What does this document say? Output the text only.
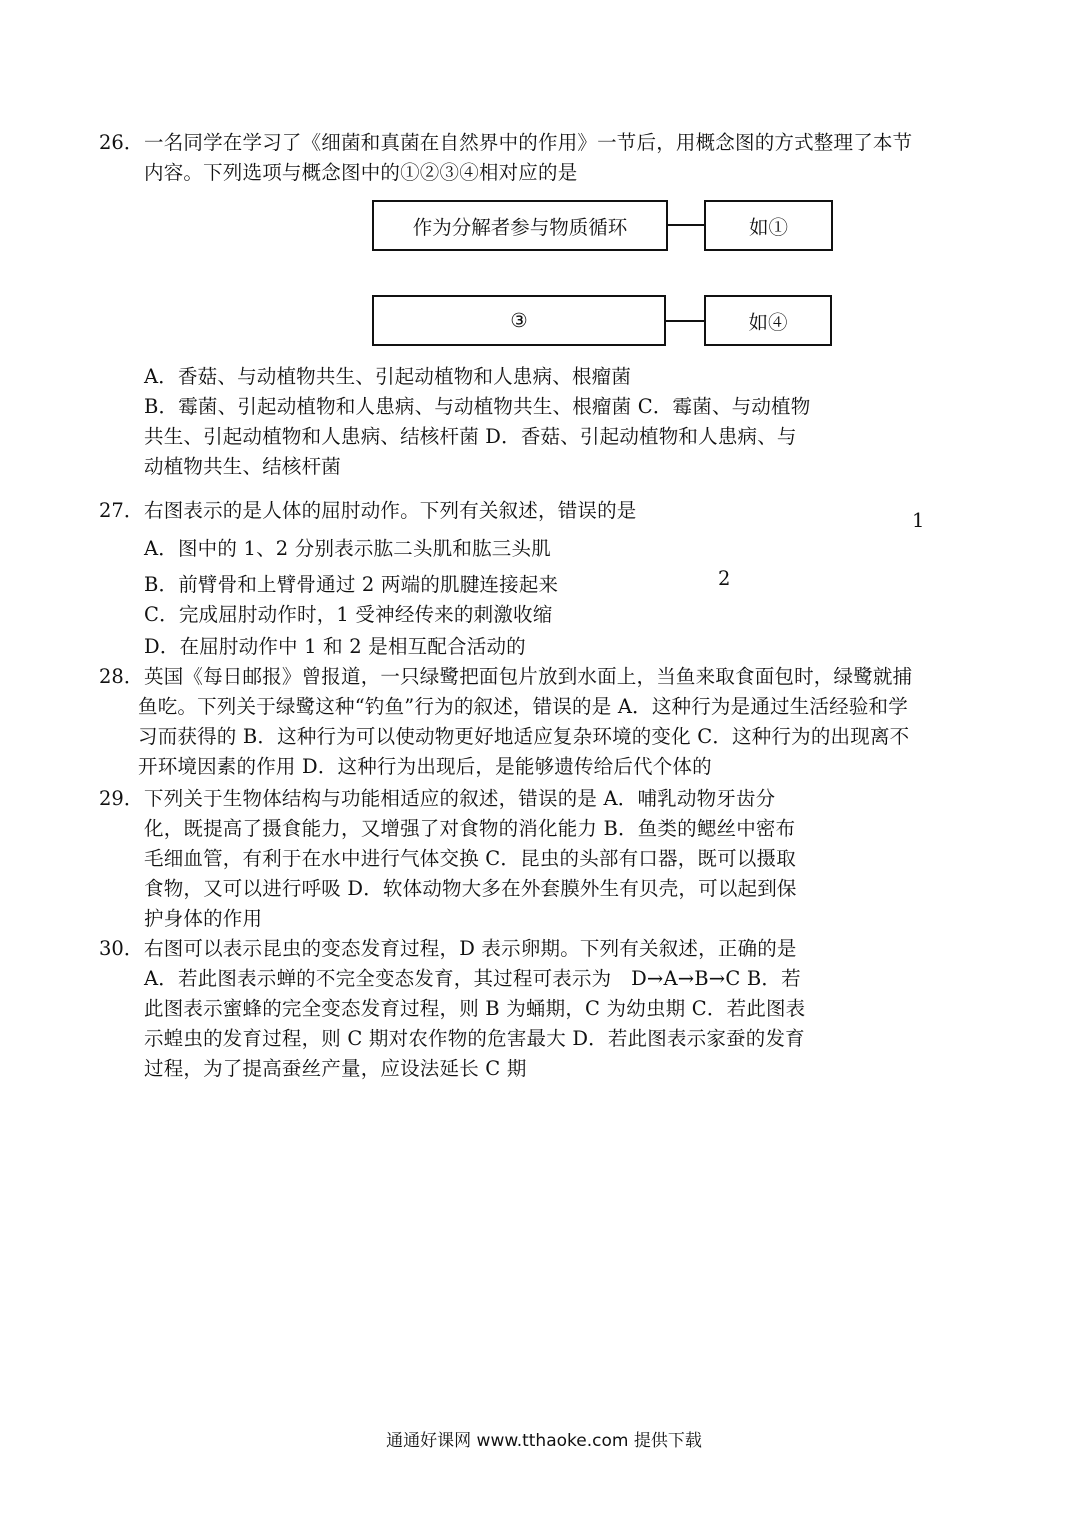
26． 一名同学在学习了《细菌和真菌在自然界中的作用》一节后，用概念图的方式整理了本节
内容。下列选项与概念图中的①②③④相对应的是
作为分解者参与物质循环	如①
③	如④
A．香菇、与动植物共生、引起动植物和人患病、根瘤菌
B．霉菌、引起动植物和人患病、与动植物共生、根瘤菌 C．霉菌、与动植物
共生、引起动植物和人患病、结核杆菌 D．香菇、引起动植物和人患病、与
动植物共生、结核杆菌
27． 右图表示的是人体的屈肘动作。下列有关叙述，错误的是	1
2
A．图中的 1、2 分别表示肱二头肌和肱三头肌
B．前臂骨和上臂骨通过 2 两端的肌腱连接起来
C．完成屈肘动作时，1 受神经传来的刺激收缩
D．在屈肘动作中 1 和 2 是相互配合活动的
28． 英国《每日邮报》曾报道，一只绿鹭把面包片放到水面上，当鱼来取食面包时，绿鹭就捕
鱼吃。下列关于绿鹭这种“钓鱼”行为的叙述，错误的是 A．这种行为是通过生活经验和学
习而获得的 B．这种行为可以使动物更好地适应复杂环境的变化 C．这种行为的出现离不
开环境因素的作用 D．这种行为出现后，是能够遗传给后代个体的
29． 下列关于生物体结构与功能相适应的叙述，错误的是 A．哺乳动物牙齿分
化，既提高了摄食能力，又增强了对食物的消化能力 B．鱼类的鳃丝中密布
毛细血管，有利于在水中进行气体交换 C．昆虫的头部有口器，既可以摄取
食物，又可以进行呼吸 D．软体动物大多在外套膜外生有贝壳，可以起到保
护身体的作用
30． 右图可以表示昆虫的变态发育过程，D 表示卵期。下列有关叙述，正确的是
A．若此图表示蝉的不完全变态发育，其过程可表示为　D→A→B→C B．若
此图表示蜜蜂的完全变态发育过程，则 B 为蛹期，C 为幼虫期 C．若此图表
示蝗虫的发育过程，则 C 期对农作物的危害最大 D．若此图表示家蚕的发育
过程，为了提高蚕丝产量，应设法延长 C 期
通通好课网 www.tthaoke.com 提供下载
